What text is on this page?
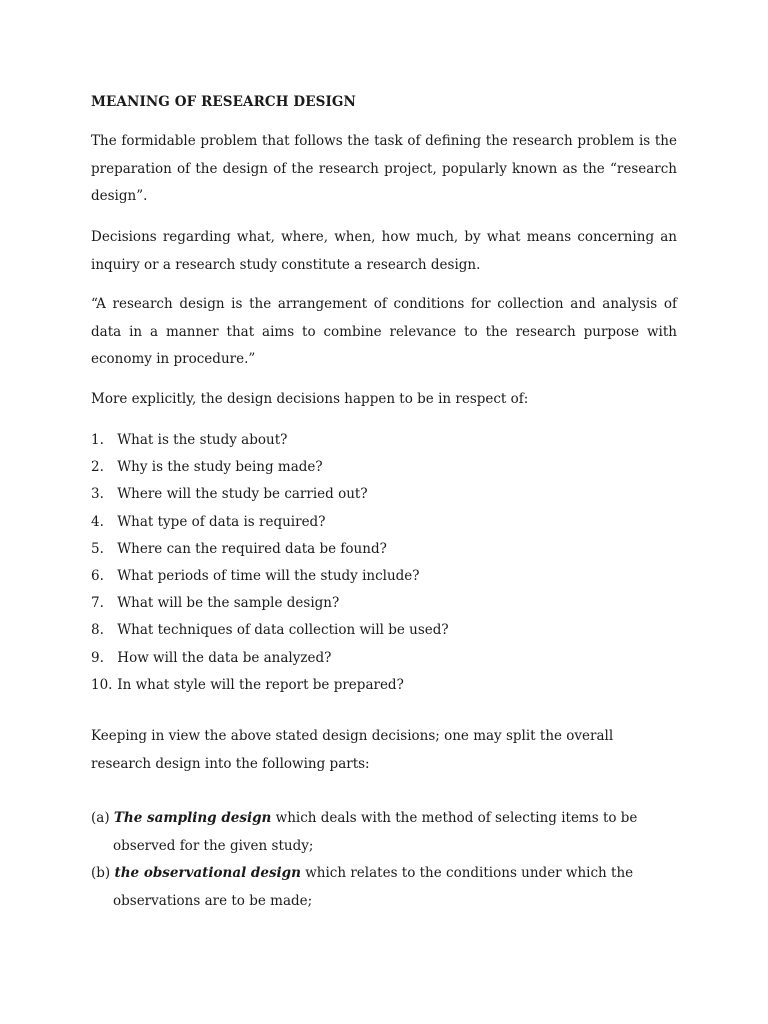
MEANING OF RESEARCH DESIGN

The formidable problem that follows the task of defining the research problem is the preparation of the design of the research project, popularly known as the “research design”.

Decisions regarding what, where, when, how much, by what means concerning an inquiry or a research study constitute a research design.

“A research design is the arrangement of conditions for collection and analysis of data in a manner that aims to combine relevance to the research purpose with economy in procedure.”

More explicitly, the design decisions happen to be in respect of:

1. What is the study about?
2. Why is the study being made?
3. Where will the study be carried out?
4. What type of data is required?
5. Where can the required data be found?
6. What periods of time will the study include?
7. What will be the sample design?
8. What techniques of data collection will be used?
9. How will the data be analyzed?
10. In what style will the report be prepared?

Keeping in view the above stated design decisions; one may split the overall research design into the following parts:

(a) The sampling design which deals with the method of selecting items to be observed for the given study;
(b) the observational design which relates to the conditions under which the observations are to be made;
